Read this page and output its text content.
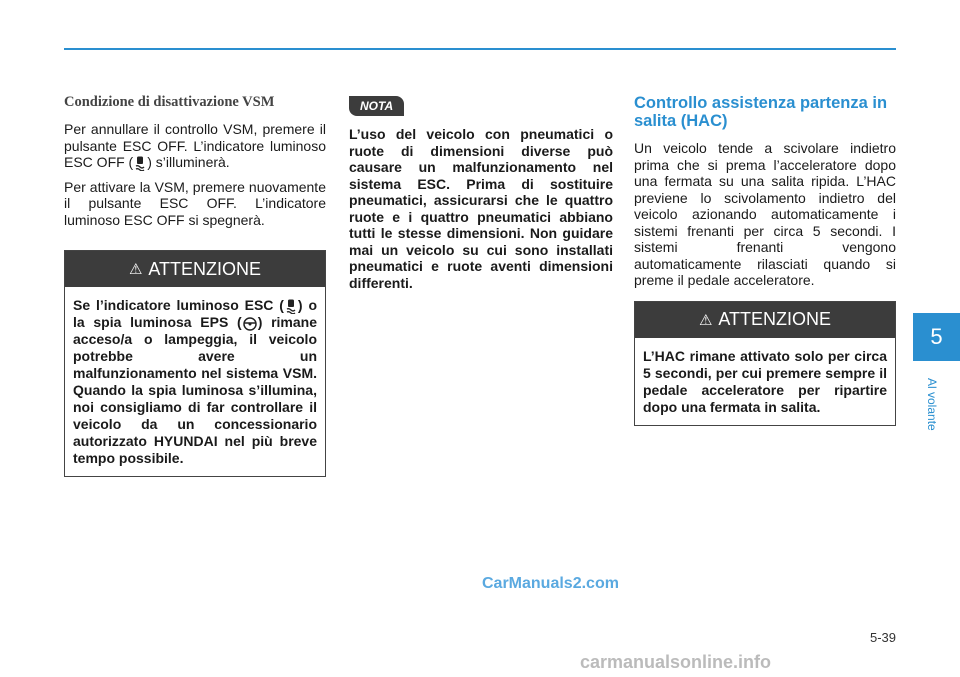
Condizione di disattivazione VSM

Per annullare il controllo VSM, premere il pulsante ESC OFF. L’indicatore luminoso ESC OFF ( ) s’illuminerà.

Per attivare la VSM, premere nuovamente il pulsante ESC OFF. L’indicatore luminoso ESC OFF si spegnerà.

⚠ ATTENZIONE
Se l’indicatore luminoso ESC ( ) o la spia luminosa EPS ( ) rimane acceso/a o lampeggia, il veicolo potrebbe avere un malfunzionamento nel sistema VSM. Quando la spia luminosa s’illumina, noi consigliamo di far controllare il veicolo da un concessionario autorizzato HYUNDAI nel più breve tempo possibile.
NOTA

L’uso del veicolo con pneumatici o ruote di dimensioni diverse può causare un malfunzionamento nel sistema ESC. Prima di sostituire pneumatici, assicurarsi che le quattro ruote e i quattro pneumatici abbiano tutti le stesse dimensioni. Non guidare mai un veicolo su cui sono installati pneumatici e ruote aventi dimensioni differenti.

Controllo assistenza partenza in salita (HAC)

Un veicolo tende a scivolare indietro prima che si prema l’acceleratore dopo una fermata su una salita ripida. L’HAC previene lo scivolamento indietro del veicolo azionando automaticamente i sistemi frenanti per circa 5 secondi. I sistemi frenanti vengono automaticamente rilasciati quando si preme il pedale acceleratore.

⚠ ATTENZIONE
L’HAC rimane attivato solo per circa 5 secondi, per cui premere sempre il pedale acceleratore per ripartire dopo una fermata in salita.
5
Al volante
5-39
CarManuals2.com
carmanualsonline.info
